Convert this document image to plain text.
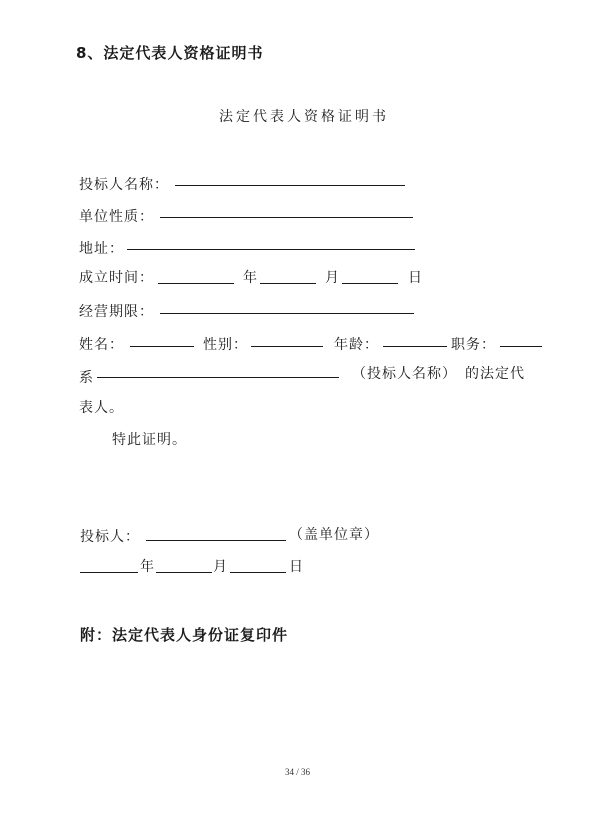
8、法定代表人资格证明书
法定代表人资格证明书
投标人名称：
单位性质：
地址：
成立时间：	年	月	日
经营期限：
姓名：	性别：	年龄：	职务：
系	（投标人名称） 的法定代
表人。
特此证明。
投标人：	（盖单位章）
年	月	日
附：法定代表人身份证复印件
34 / 36
